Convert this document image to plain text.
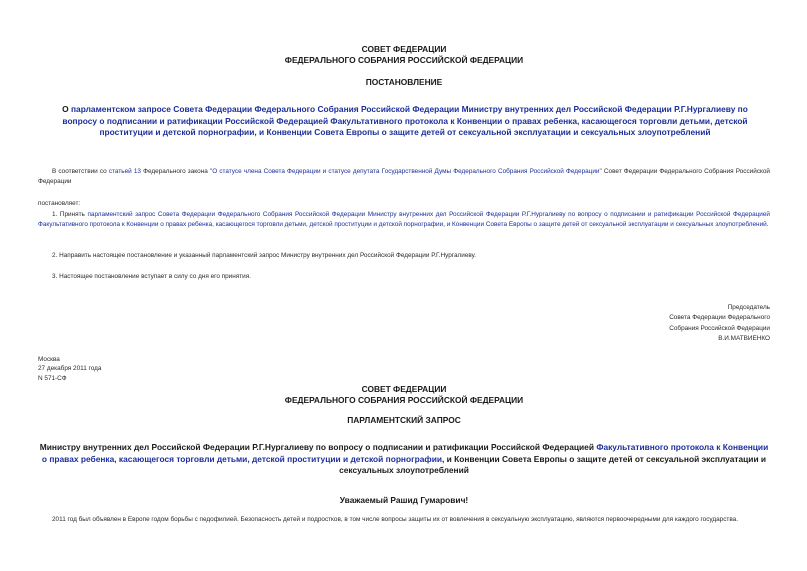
СОВЕТ ФЕДЕРАЦИИ
ФЕДЕРАЛЬНОГО СОБРАНИЯ РОССИЙСКОЙ ФЕДЕРАЦИИ
ПОСТАНОВЛЕНИЕ
О парламентском запросе Совета Федерации Федерального Собрания Российской Федерации Министру внутренних дел Российской Федерации Р.Г.Нургалиеву по вопросу о подписании и ратификации Российской Федерацией Факультативного протокола к Конвенции о правах ребенка, касающегося торговли детьми, детской проституции и детской порнографии, и Конвенции Совета Европы о защите детей от сексуальной эксплуатации и сексуальных злоупотреблений
В соответствии со статьей 13 Федерального закона "О статусе члена Совета Федерации и статусе депутата Государственной Думы Федерального Собрания Российской Федерации" Совет Федерации Федерального Собрания Российской Федерации
постановляет:
1. Принять парламентский запрос Совета Федерации Федерального Собрания Российской Федерации Министру внутренних дел Российской Федерации Р.Г.Нургалиеву по вопросу о подписании и ратификации Российской Федерацией Факультативного протокола к Конвенции о правах ребенка, касающегося торговли детьми, детской проституции и детской порнографии, и Конвенции Совета Европы о защите детей от сексуальной эксплуатации и сексуальных злоупотреблений.
2. Направить настоящее постановление и указанный парламентский запрос Министру внутренних дел Российской Федерации Р.Г.Нургалиеву.
3. Настоящее постановление вступает в силу со дня его принятия.
Председатель
Совета Федерации Федерального
Собрания Российской Федерации
В.И.МАТВИЕНКО
Москва
27 декабря 2011 года
N 571-СФ
СОВЕТ ФЕДЕРАЦИИ
ФЕДЕРАЛЬНОГО СОБРАНИЯ РОССИЙСКОЙ ФЕДЕРАЦИИ
ПАРЛАМЕНТСКИЙ ЗАПРОС
Министру внутренних дел Российской Федерации Р.Г.Нургалиеву по вопросу о подписании и ратификации Российской Федерацией Факультативного протокола к Конвенции о правах ребенка, касающегося торговли детьми, детской проституции и детской порнографии, и Конвенции Совета Европы о защите детей от сексуальной эксплуатации и сексуальных злоупотреблений
Уважаемый Рашид Гумарович!
2011 год был объявлен в Европе годом борьбы с педофилией. Безопасность детей и подростков, в том числе вопросы защиты их от вовлечения в сексуальную эксплуатацию, являются первоочередными для каждого государства.
